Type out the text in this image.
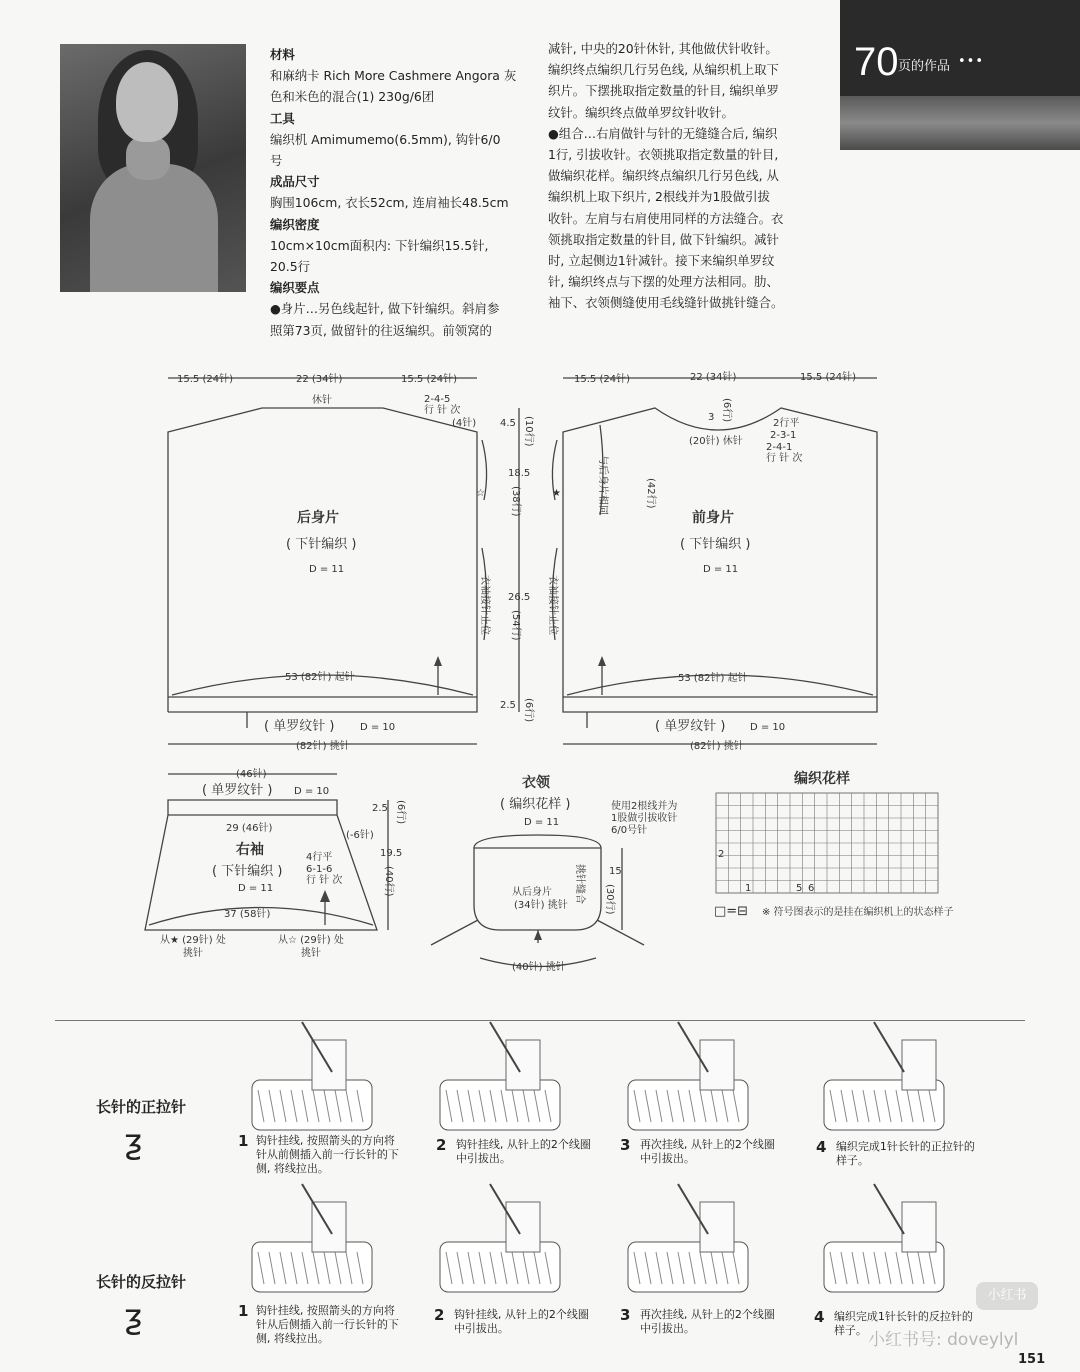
70 页的作品 •••

材料

和麻纳卡 Rich More Cashmere Angora 灰

色和米色的混合(1) 230g/6团

工具

编织机 Amimumemo(6.5mm), 钩针6/0

号

成品尺寸

胸围106cm, 衣长52cm, 连肩袖长48.5cm

编织密度

10cm×10cm面积内: 下针编织15.5针,

20.5行

编织要点

●身片…另色线起针, 做下针编织。斜肩参

照第73页, 做留针的往返编织。前领窝的

减针, 中央的20针休针, 其他做伏针收针。

编织终点编织几行另色线, 从编织机上取下

织片。下摆挑取指定数量的针目, 编织单罗

纹针。编织终点做单罗纹针收针。

●组合…右肩做针与针的无缝缝合后, 编织

1行, 引拔收针。衣领挑取指定数量的针目,

做编织花样。编织终点编织几行另色线, 从

编织机上取下织片, 2根线并为1股做引拔

收针。左肩与右肩使用同样的方法缝合。衣

领挑取指定数量的针目, 做下针编织。减针

时, 立起侧边1针减针。接下来编织单罗纹

针, 编织终点与下摆的处理方法相同。肋、

袖下、衣领侧缝使用毛线缝针做挑针缝合。

15.5 (24针)	22 (34针)	15.5 (24针)
休针	2-4-5
行 针 次
(4针)
后身片
( 下针编织 )
D = 11
53 (82针) 起针
( 单罗纹针 )	D = 10
(82针) 挑针
☆
衣袖接针止位
4.5 (10行)
18.5
(38行)
26.5
(54行)
2.5 (6行)
15.5 (24针)	22 (34针)	15.5 (24针)
3 (6行)
(20针) 休针
2行平
2-3-1
2-4-1
行 针 次
与后身片相同	(42行)
前身片
( 下针编织 )
D = 11
53 (82针) 起针
( 单罗纹针 ) D = 10
(82针) 挑针
★
衣袖接针止位
(46针)
( 单罗纹针 ) D = 10
29 (46针)
(-6针)
右袖
( 下针编织 )
D = 11
4行平
6-1-6
行 针 次
37 (58针)
从★ (29针) 处
挑针
从☆ (29针) 处
挑针
2.5 (6行)
19.5
(40行)
衣领
( 编织花样 )
D = 11
使用2根线并为
1股做引拔收针
6/0号针
挑针缝合
从后身片
(34针) 挑针
15
(30行)
(40针) 挑针
编织花样
2
1	5 6
□=⊟ ※ 符号图表示的是挂在编织机上的状态样子
长针的正拉针
ƺ
长针的反拉针
ƺ
1 钩针挂线, 按照箭头的方向将
针从前侧插入前一行长针的下
侧, 将线拉出。
2 钩针挂线, 从针上的2个线圈
中引拔出。
3 再次挂线, 从针上的2个线圈
中引拔出。
4 编织完成1针长针的正拉针的
样子。
1 钩针挂线, 按照箭头的方向将
针从后侧插入前一行长针的下
侧, 将线拉出。
2 钩针挂线, 从针上的2个线圈
中引拔出。
3 再次挂线, 从针上的2个线圈
中引拔出。
4 编织完成1针长针的反拉针的
样子。
小红书
小红书号: doveylyl
151
